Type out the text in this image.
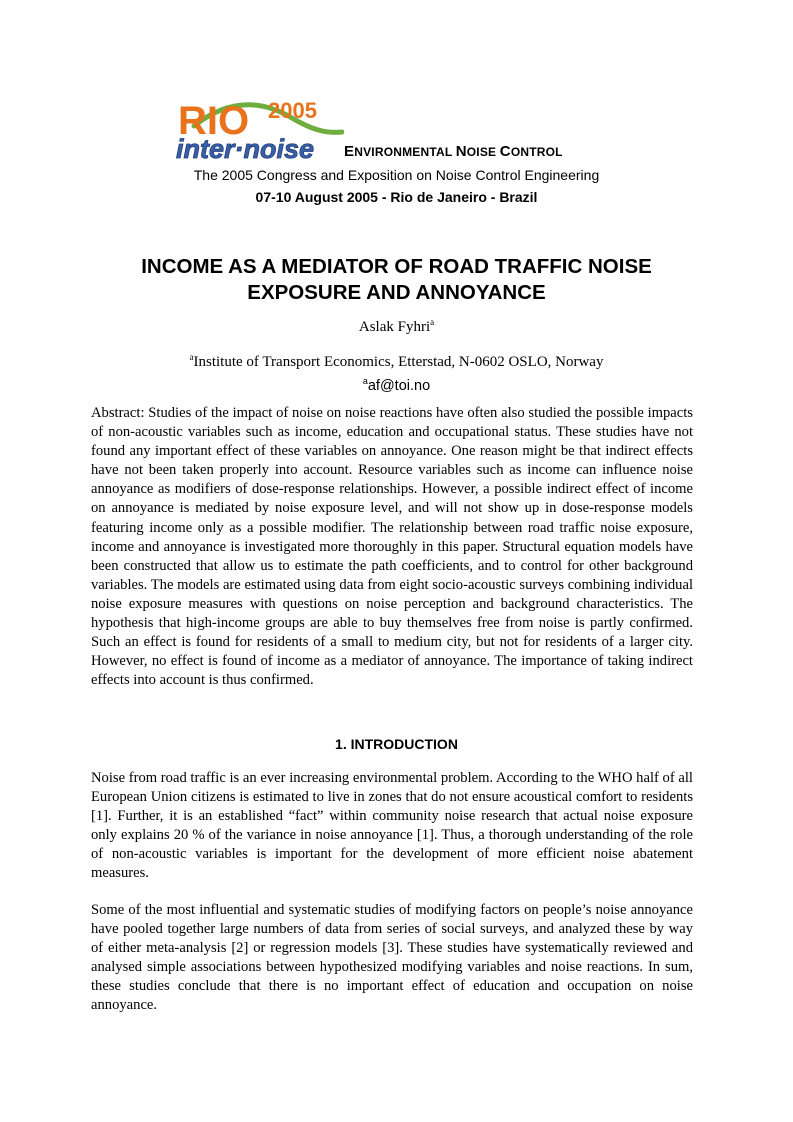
RIO 2005
inter·noise ENVIRONMENTAL NOISE CONTROL
The 2005 Congress and Exposition on Noise Control Engineering
07-10 August 2005 - Rio de Janeiro - Brazil
INCOME AS A MEDIATOR OF ROAD TRAFFIC NOISE
EXPOSURE AND ANNOYANCE
Aslak Fyhri$^a$
$^a$Institute of Transport Economics, Etterstad, N-0602 OSLO, Norway
$^a$af@toi.no
Abstract: Studies of the impact of noise on noise reactions have often also studied the possible impacts of non-acoustic variables such as income, education and occupational status. These studies have not found any important effect of these variables on annoyance. One reason might be that indirect effects have not been taken properly into account. Resource variables such as income can influence noise annoyance as modifiers of dose-response relationships. However, a possible indirect effect of income on annoyance is mediated by noise exposure level, and will not show up in dose-response models featuring income only as a possible modifier. The relationship between road traffic noise exposure, income and annoyance is investigated more thoroughly in this paper. Structural equation models have been constructed that allow us to estimate the path coefficients, and to control for other background variables. The models are estimated using data from eight socio-acoustic surveys combining individual noise exposure measures with questions on noise perception and background characteristics. The hypothesis that high-income groups are able to buy themselves free from noise is partly confirmed. Such an effect is found for residents of a small to medium city, but not for residents of a larger city. However, no effect is found of income as a mediator of annoyance. The importance of taking indirect effects into account is thus confirmed.
1. INTRODUCTION
Noise from road traffic is an ever increasing environmental problem. According to the WHO half of all European Union citizens is estimated to live in zones that do not ensure acoustical comfort to residents [1]. Further, it is an established “fact” within community noise research that actual noise exposure only explains 20 % of the variance in noise annoyance [1]. Thus, a thorough understanding of the role of non-acoustic variables is important for the development of more efficient noise abatement measures.
Some of the most influential and systematic studies of modifying factors on people’s noise annoyance have pooled together large numbers of data from series of social surveys, and analyzed these by way of either meta-analysis [2] or regression models [3]. These studies have systematically reviewed and analysed simple associations between hypothesized modifying variables and noise reactions. In sum, these studies conclude that there is no important effect of education and occupation on noise annoyance.
